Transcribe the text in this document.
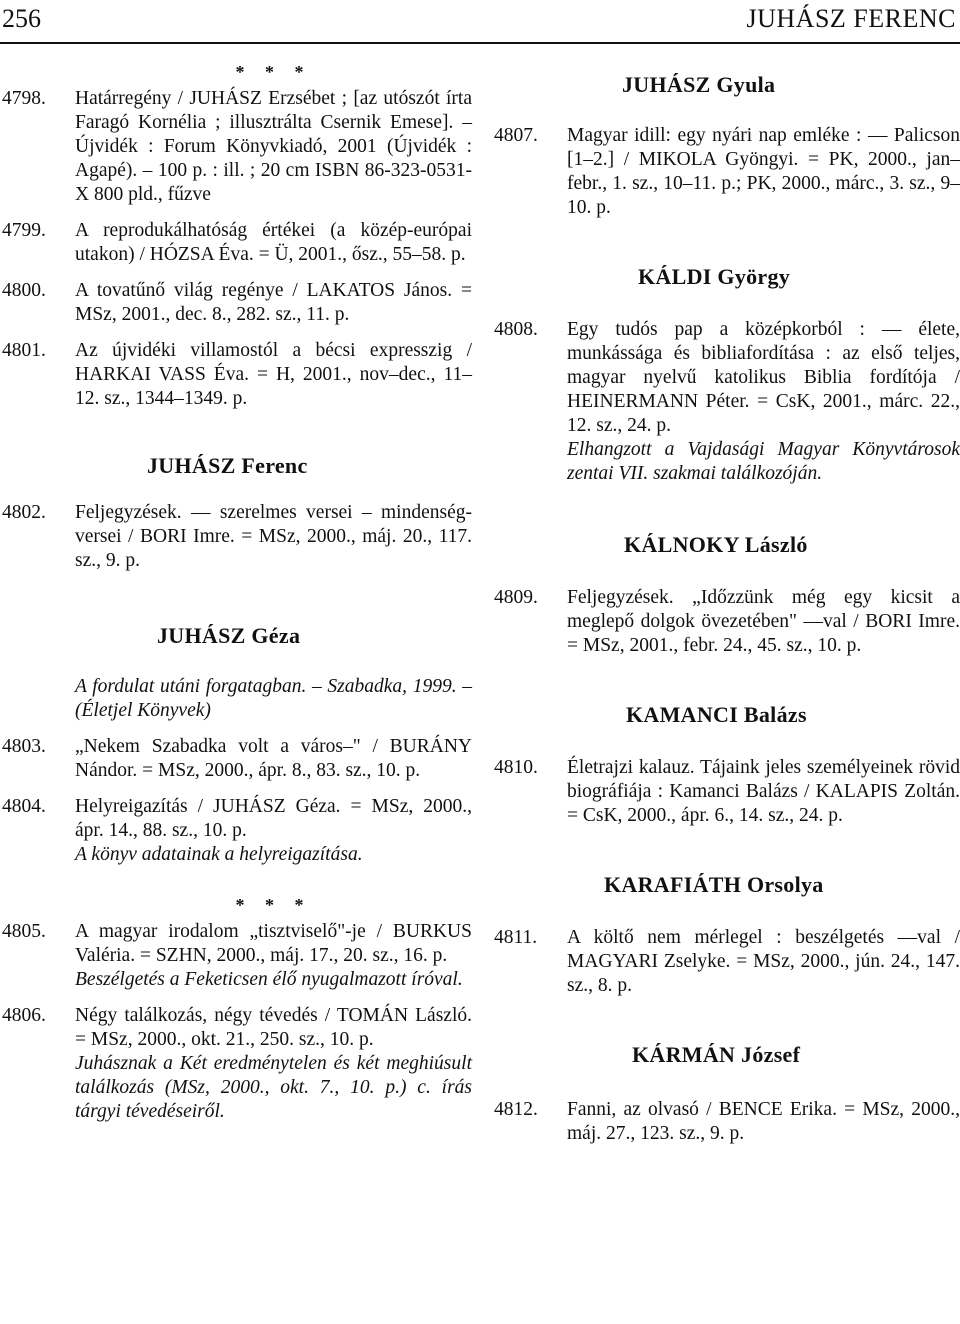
256	JUHÁSZ FERENC
* * *
4798.	Határregény / JUHÁSZ Erzsébet ; [az utószót írta Faragó Kornélia ; illusztrálta Csernik Emese]. – Újvidék : Forum Könyvkiadó, 2001 (Újvidék : Agapé). – 100 p. : ill. ; 20 cm ISBN 86-323-0531-X 800 pld., fűzve
4799.	A reprodukálhatóság értékei (a közép-európai utakon) / HÓZSA Éva. = Ü, 2001., ősz., 55–58. p.
4800.	A tovatűnő világ regénye / LAKATOS János. = MSz, 2001., dec. 8., 282. sz., 11. p.
4801.	Az újvidéki villamostól a bécsi expresszig / HARKAI VASS Éva. = H, 2001., nov–dec., 11–12. sz., 1344–1349. p.
JUHÁSZ Ferenc
4802.	Feljegyzések. –– szerelmes versei – mindenség-versei / BORI Imre. = MSz, 2000., máj. 20., 117. sz., 9. p.
JUHÁSZ Géza
A fordulat utáni forgatagban. – Szabadka, 1999. – (Életjel Könyvek)
4803.	„Nekem Szabadka volt a város–" / BURÁNY Nándor. = MSz, 2000., ápr. 8., 83. sz., 10. p.
4804.	Helyreigazítás / JUHÁSZ Géza. = MSz, 2000., ápr. 14., 88. sz., 10. p.
A könyv adatainak a helyreigazítása.
* * *
4805.	A magyar irodalom „tisztviselő"-je / BURKUS Valéria. = SZHN, 2000., máj. 17., 20. sz., 16. p.
Beszélgetés a Feketicsen élő nyugalmazott íróval.
4806.	Négy találkozás, négy tévedés / TOMÁN László. = MSz, 2000., okt. 21., 250. sz., 10. p.
Juhásznak a Két eredménytelen és két meghiúsult találkozás (MSz, 2000., okt. 7., 10. p.) c. írás tárgyi tévedéseiről.
JUHÁSZ Gyula
4807.	Magyar idill: egy nyári nap emléke : –– Palicson [1–2.] / MIKOLA Gyöngyi. = PK, 2000., jan–febr., 1. sz., 10–11. p.; PK, 2000., márc., 3. sz., 9–10. p.
KÁLDI György
4808.	Egy tudós pap a középkorból : –– élete, munkássága és bibliafordítása : az első teljes, magyar nyelvű katolikus Biblia fordítója / HEINERMANN Péter. = CsK, 2001., márc. 22., 12. sz., 24. p.
Elhangzott a Vajdasági Magyar Könyvtárosok zentai VII. szakmai találkozóján.
KÁLNOKY László
4809.	Feljegyzések. „Időzzünk még egy kicsit a meglepő dolgok övezetében" ––val / BORI Imre. = MSz, 2001., febr. 24., 45. sz., 10. p.
KAMANCI Balázs
4810.	Életrajzi kalauz. Tájaink jeles személyeinek rövid biográfiája : Kamanci Balázs / KALAPIS Zoltán. = CsK, 2000., ápr. 6., 14. sz., 24. p.
KARAFIÁTH Orsolya
4811.	A költő nem mérlegel : beszélgetés ––val / MAGYARI Zselyke. = MSz, 2000., jún. 24., 147. sz., 8. p.
KÁRMÁN József
4812.	Fanni, az olvasó / BENCE Erika. = MSz, 2000., máj. 27., 123. sz., 9. p.
